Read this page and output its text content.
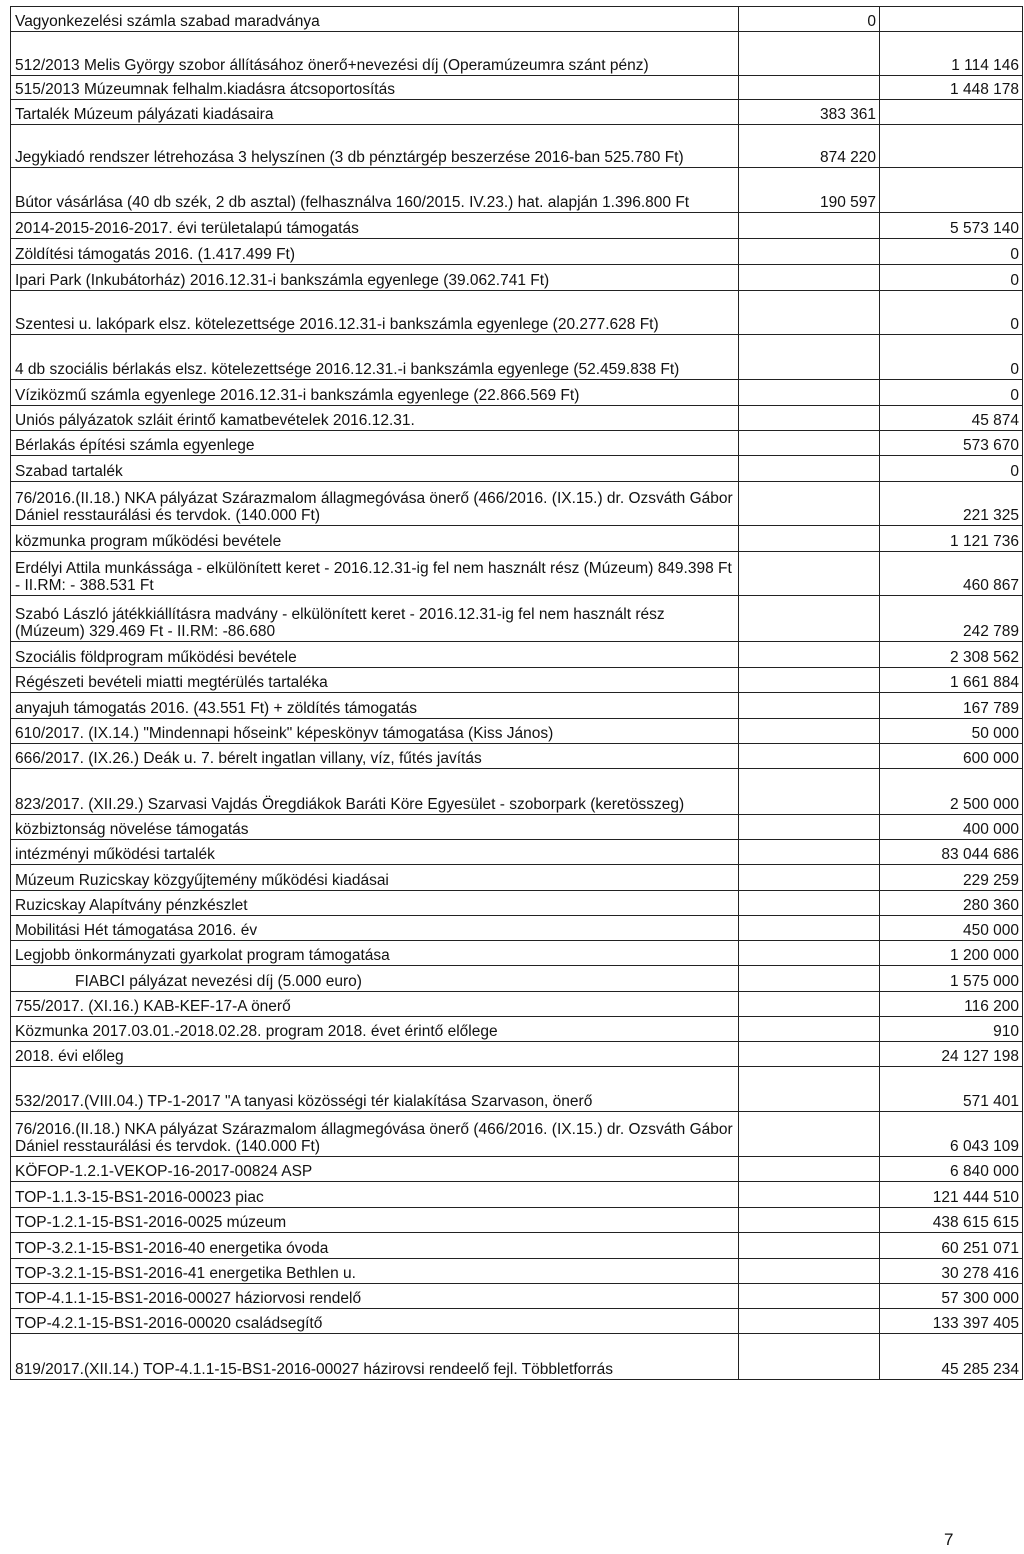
Vagyonkezelési számla szabad maradványa	0	
512/2013 Melis György szobor állításához önerő+nevezési díj (Operamúzeumra szánt pénz)		1 114 146
515/2013 Múzeumnak felhalm.kiadásra átcsoportosítás		1 448 178
Tartalék Múzeum pályázati kiadásaira	383 361	
Jegykiadó rendszer létrehozása 3 helyszínen (3 db pénztárgép beszerzése 2016-ban 525.780 Ft)	874 220	
Bútor vásárlása (40 db szék, 2 db asztal) (felhasználva 160/2015. IV.23.) hat. alapján 1.396.800 Ft	190 597	
2014-2015-2016-2017. évi területalapú támogatás		5 573 140
Zöldítési támogatás 2016. (1.417.499 Ft)		0
Ipari Park (Inkubátorház) 2016.12.31-i bankszámla egyenlege (39.062.741 Ft)		0
Szentesi u. lakópark elsz. kötelezettsége 2016.12.31-i bankszámla egyenlege (20.277.628 Ft)		0
4 db szociális bérlakás elsz. kötelezettsége 2016.12.31.-i bankszámla egyenlege (52.459.838 Ft)		0
Víziközmű számla egyenlege 2016.12.31-i bankszámla egyenlege (22.866.569 Ft)		0
Uniós pályázatok szláit érintő kamatbevételek 2016.12.31.		45 874
Bérlakás építési számla egyenlege		573 670
Szabad tartalék		0
76/2016.(II.18.) NKA pályázat Szárazmalom állagmegóvása önerő (466/2016. (IX.15.) dr. Ozsváth Gábor Dániel resstaurálási és tervdok. (140.000 Ft)		221 325
közmunka program működési bevétele		1 121 736
Erdélyi Attila munkássága - elkülönített keret - 2016.12.31-ig fel nem használt rész (Múzeum) 849.398 Ft - II.RM: - 388.531 Ft		460 867
Szabó László játékkiállításra madvány - elkülönített keret - 2016.12.31-ig fel nem használt rész (Múzeum) 329.469 Ft - II.RM: -86.680		242 789
Szociális földprogram működési bevétele		2 308 562
Régészeti bevételi miatti megtérülés tartaléka		1 661 884
anyajuh támogatás 2016. (43.551 Ft) + zöldítés támogatás		167 789
610/2017. (IX.14.) "Mindennapi hőseink" képeskönyv támogatása (Kiss János)		50 000
666/2017. (IX.26.) Deák u. 7. bérelt ingatlan villany, víz, fűtés javítás		600 000
823/2017. (XII.29.) Szarvasi Vajdás Öregdiákok Baráti Köre Egyesület - szoborpark (keretösszeg)		2 500 000
közbiztonság növelése támogatás		400 000
intézményi működési tartalék		83 044 686
Múzeum Ruzicskay közgyűjtemény működési kiadásai		229 259
Ruzicskay Alapítvány pénzkészlet		280 360
Mobilitási Hét támogatása 2016. év		450 000
Legjobb önkormányzati gyarkolat program támogatása		1 200 000
FIABCI pályázat nevezési díj (5.000 euro)		1 575 000
755/2017. (XI.16.) KAB-KEF-17-A önerő		116 200
Közmunka 2017.03.01.-2018.02.28. program 2018. évet érintő előlege		910
2018. évi előleg		24 127 198
532/2017.(VIII.04.) TP-1-2017 "A tanyasi közösségi tér kialakítása Szarvason, önerő		571 401
76/2016.(II.18.) NKA pályázat Szárazmalom állagmegóvása önerő (466/2016. (IX.15.) dr. Ozsváth Gábor Dániel resstaurálási és tervdok. (140.000 Ft)		6 043 109
KÖFOP-1.2.1-VEKOP-16-2017-00824 ASP		6 840 000
TOP-1.1.3-15-BS1-2016-00023 piac		121 444 510
TOP-1.2.1-15-BS1-2016-0025 múzeum		438 615 615
TOP-3.2.1-15-BS1-2016-40 energetika óvoda		60 251 071
TOP-3.2.1-15-BS1-2016-41 energetika Bethlen u.		30 278 416
TOP-4.1.1-15-BS1-2016-00027 háziorvosi rendelő		57 300 000
TOP-4.2.1-15-BS1-2016-00020 családsegítő		133 397 405
819/2017.(XII.14.) TOP-4.1.1-15-BS1-2016-00027 házirovsi rendeelő fejl. Többletforrás		45 285 234
7
